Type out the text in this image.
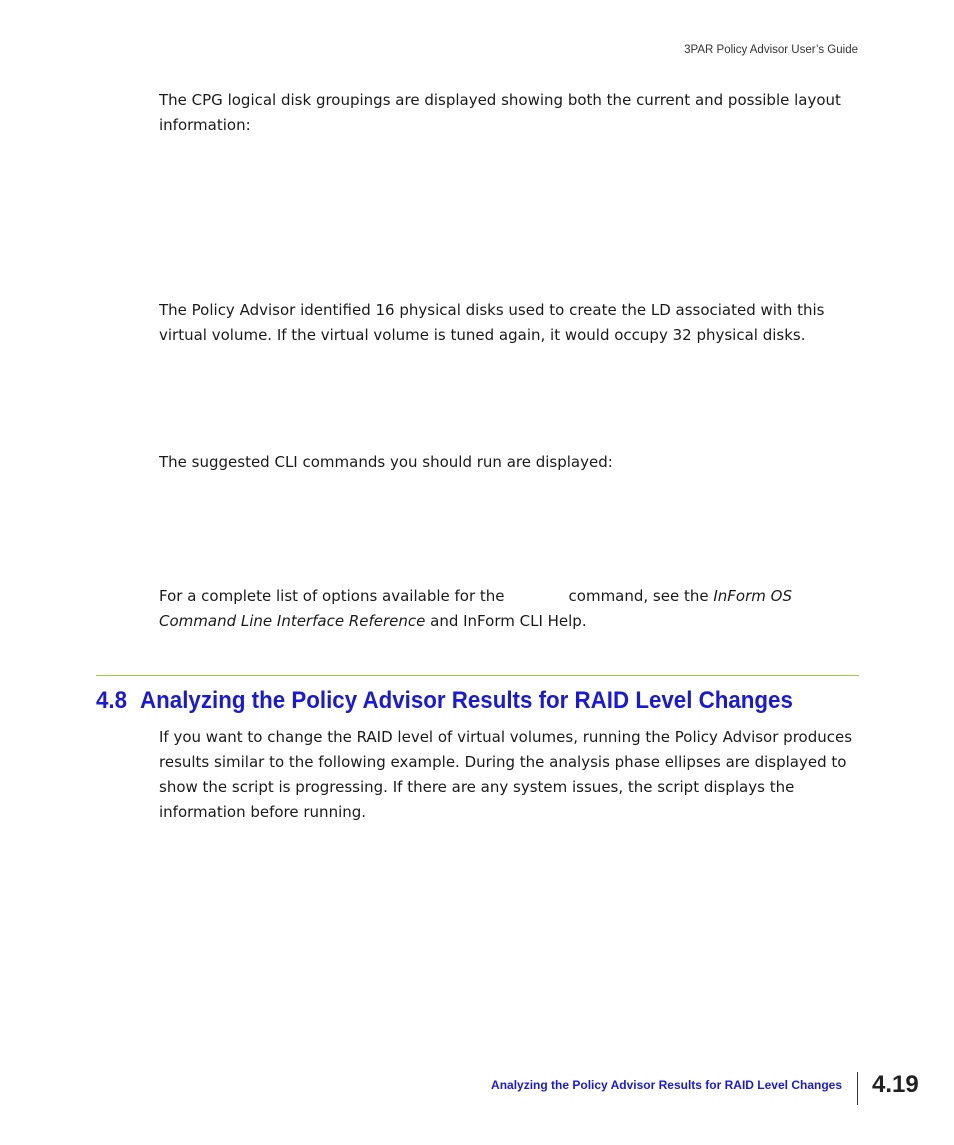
3PAR Policy Advisor User’s Guide

The CPG logical disk groupings are displayed showing both the current and possible layout information:

The Policy Advisor identified 16 physical disks used to create the LD associated with this virtual volume. If the virtual volume is tuned again, it would occupy 32 physical disks.

The suggested CLI commands you should run are displayed:

For a complete list of options available for the	command, see the InForm OS Command Line Interface Reference and InForm CLI Help.

4.8 Analyzing the Policy Advisor Results for RAID Level Changes

If you want to change the RAID level of virtual volumes, running the Policy Advisor produces results similar to the following example. During the analysis phase ellipses are displayed to show the script is progressing. If there are any system issues, the script displays the information before running.

Analyzing the Policy Advisor Results for RAID Level Changes 4.19
